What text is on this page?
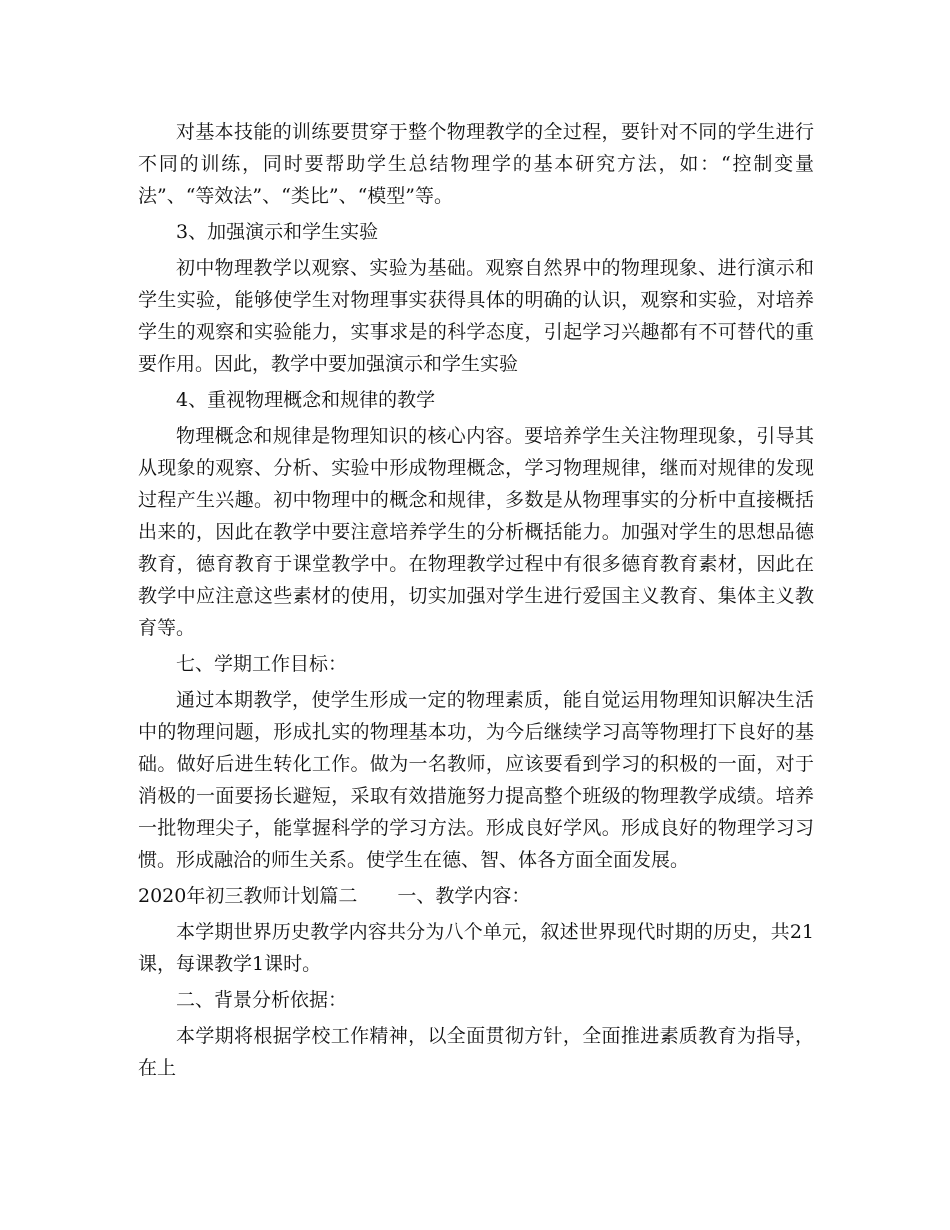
对基本技能的训练要贯穿于整个物理教学的全过程，要针对不同的学生进行不同的训练，同时要帮助学生总结物理学的基本研究方法，如：“控制变量法”、“等效法”、“类比”、“模型”等。

3、加强演示和学生实验

初中物理教学以观察、实验为基础。观察自然界中的物理现象、进行演示和学生实验，能够使学生对物理事实获得具体的明确的认识，观察和实验，对培养学生的观察和实验能力，实事求是的科学态度，引起学习兴趣都有不可替代的重要作用。因此，教学中要加强演示和学生实验

4、重视物理概念和规律的教学

物理概念和规律是物理知识的核心内容。要培养学生关注物理现象，引导其从现象的观察、分析、实验中形成物理概念，学习物理规律，继而对规律的发现过程产生兴趣。初中物理中的概念和规律，多数是从物理事实的分析中直接概括出来的，因此在教学中要注意培养学生的分析概括能力。加强对学生的思想品德教育，德育教育于课堂教学中。在物理教学过程中有很多德育教育素材，因此在教学中应注意这些素材的使用，切实加强对学生进行爱国主义教育、集体主义教育等。

七、学期工作目标：

通过本期教学，使学生形成一定的物理素质，能自觉运用物理知识解决生活中的物理问题，形成扎实的物理基本功，为今后继续学习高等物理打下良好的基础。做好后进生转化工作。做为一名教师，应该要看到学习的积极的一面，对于消极的一面要扬长避短，采取有效措施努力提高整个班级的物理教学成绩。培养一批物理尖子，能掌握科学的学习方法。形成良好学风。形成良好的物理学习习惯。形成融洽的师生关系。使学生在德、智、体各方面全面发展。

2020年初三教师计划篇二 一、教学内容：

本学期世界历史教学内容共分为八个单元，叙述世界现代时期的历史，共21课，每课教学1课时。

二、背景分析依据：

本学期将根据学校工作精神，以全面贯彻方针，全面推进素质教育为指导，在上
